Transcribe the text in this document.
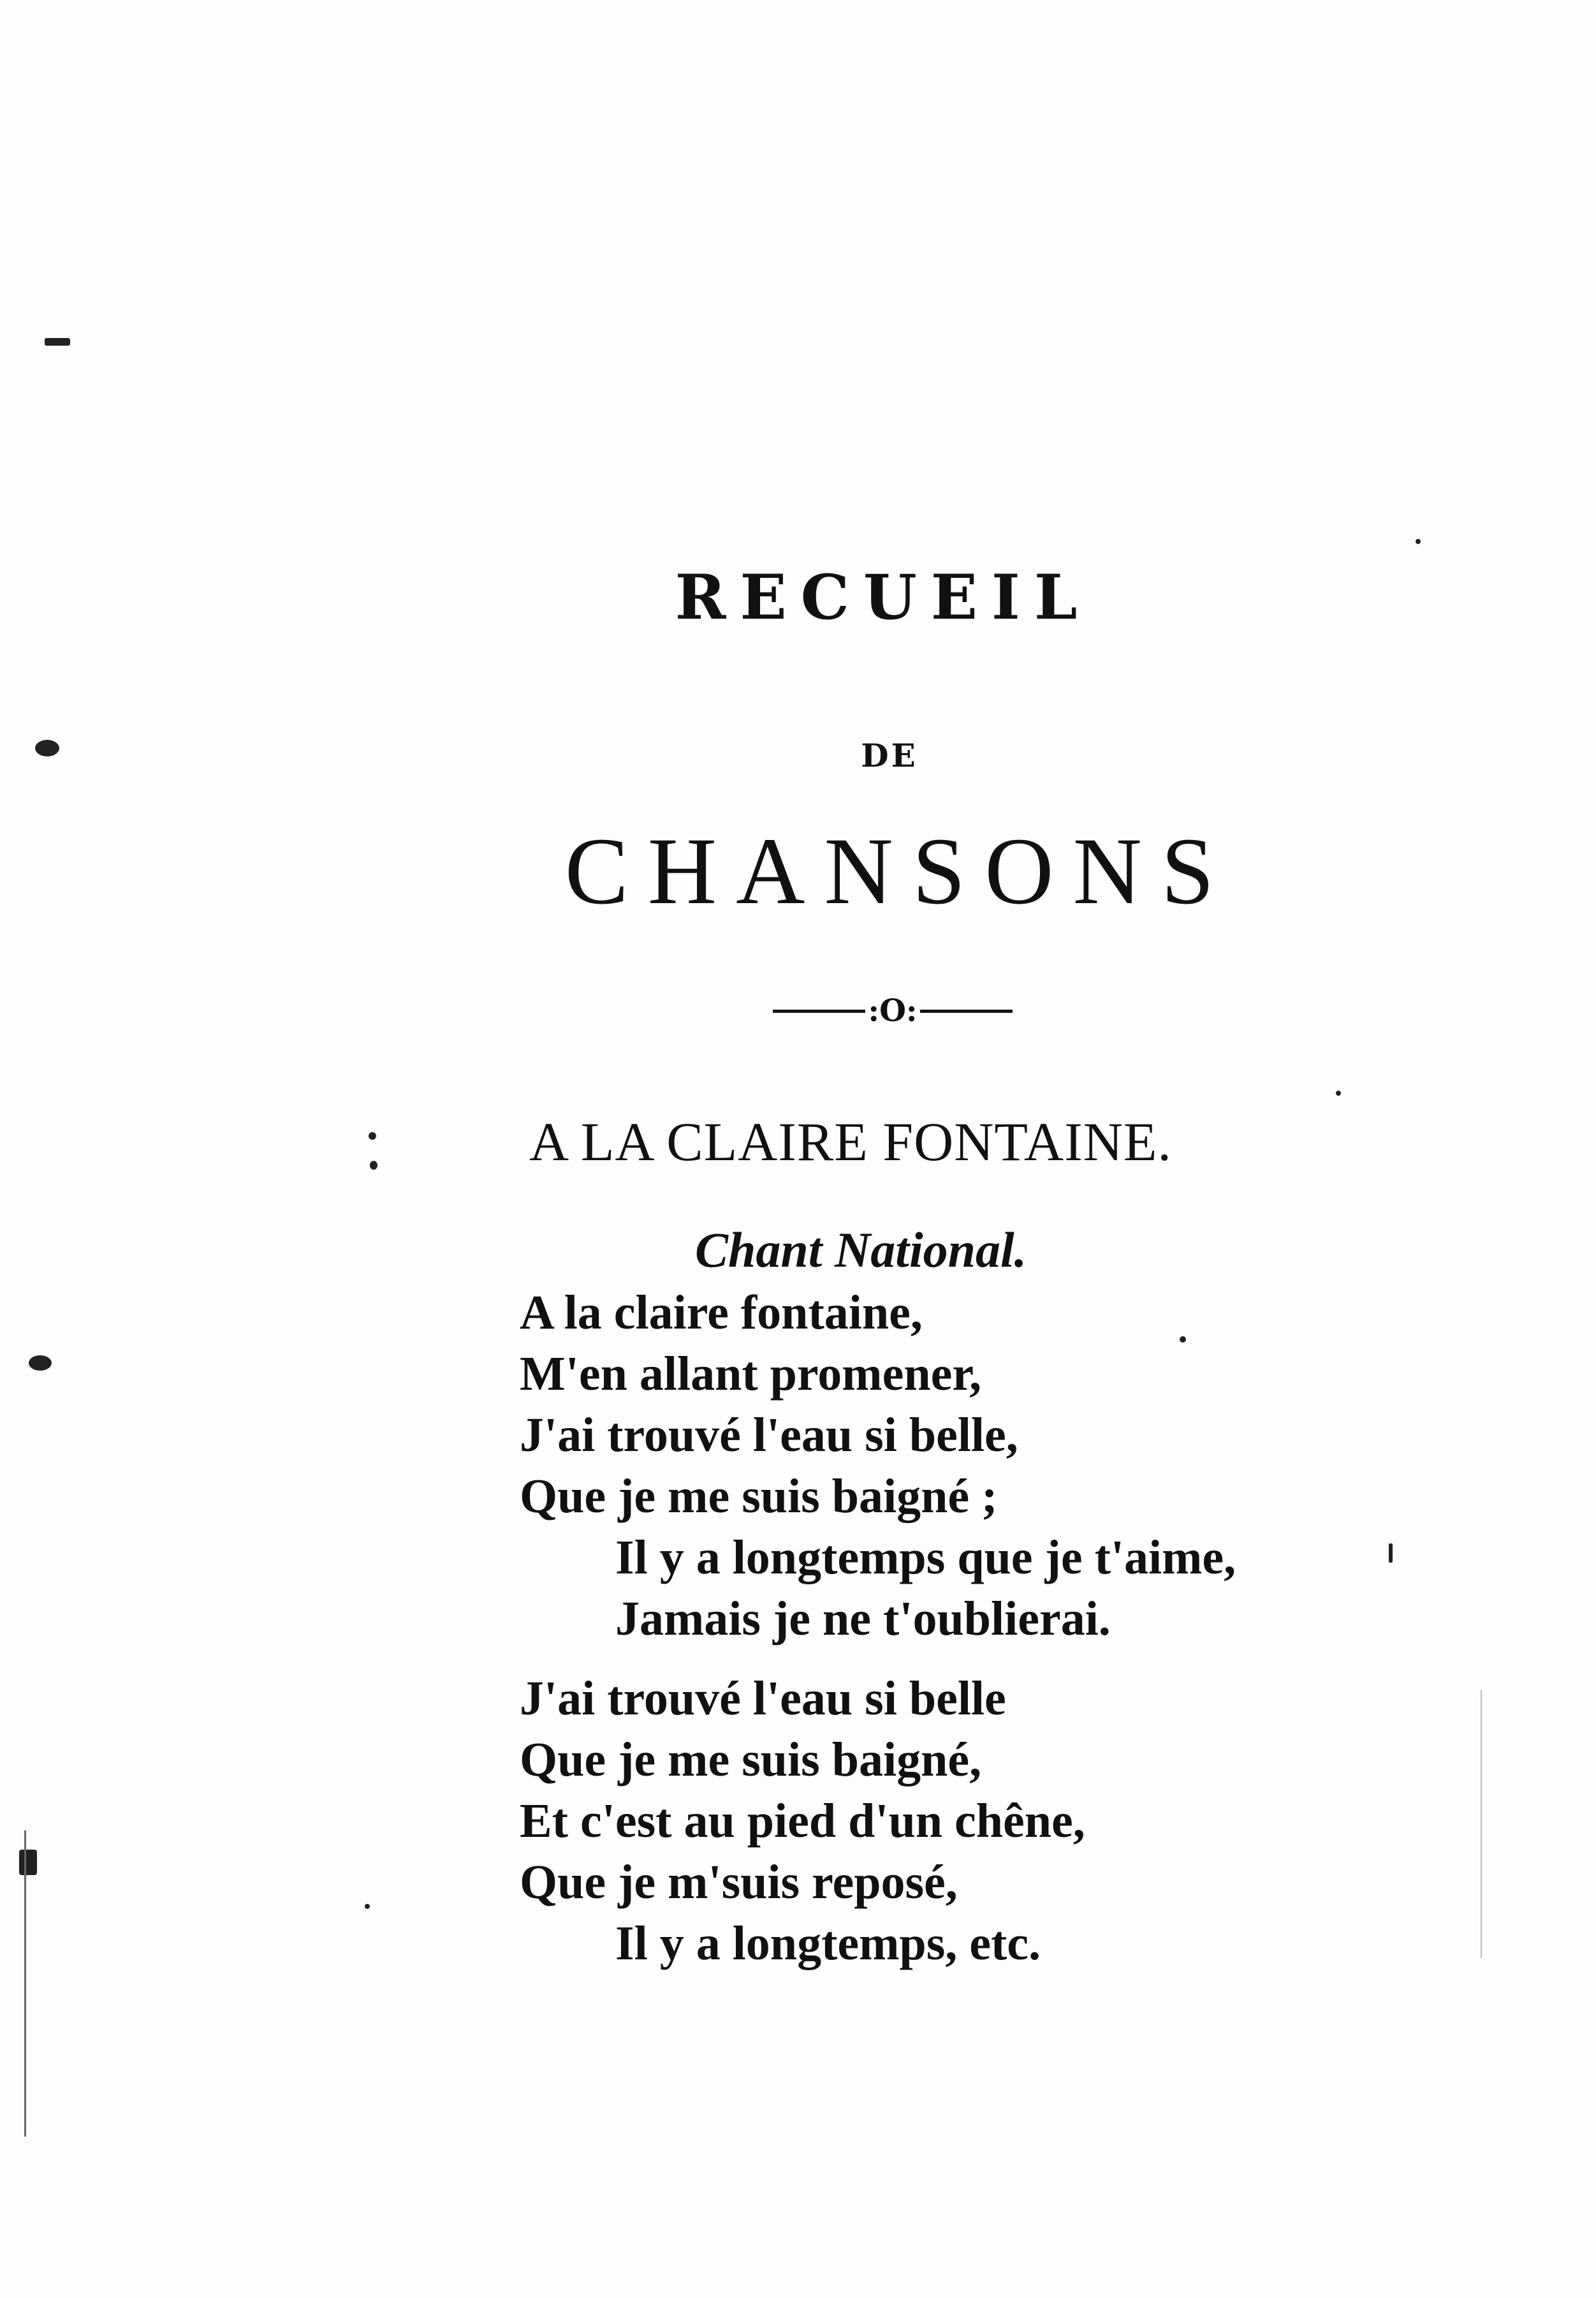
RECUEIL
DE
CHANSONS
:O:
A LA CLAIRE FONTAINE.
Chant National.
A la claire fontaine,
M'en allant promener,
J'ai trouvé l'eau si belle,
Que je me suis baigné ;
Il y a longtemps que je t'aime,
Jamais je ne t'oublierai.
J'ai trouvé l'eau si belle
Que je me suis baigné,
Et c'est au pied d'un chêne,
Que je m'suis reposé,
Il y a longtemps, etc.
